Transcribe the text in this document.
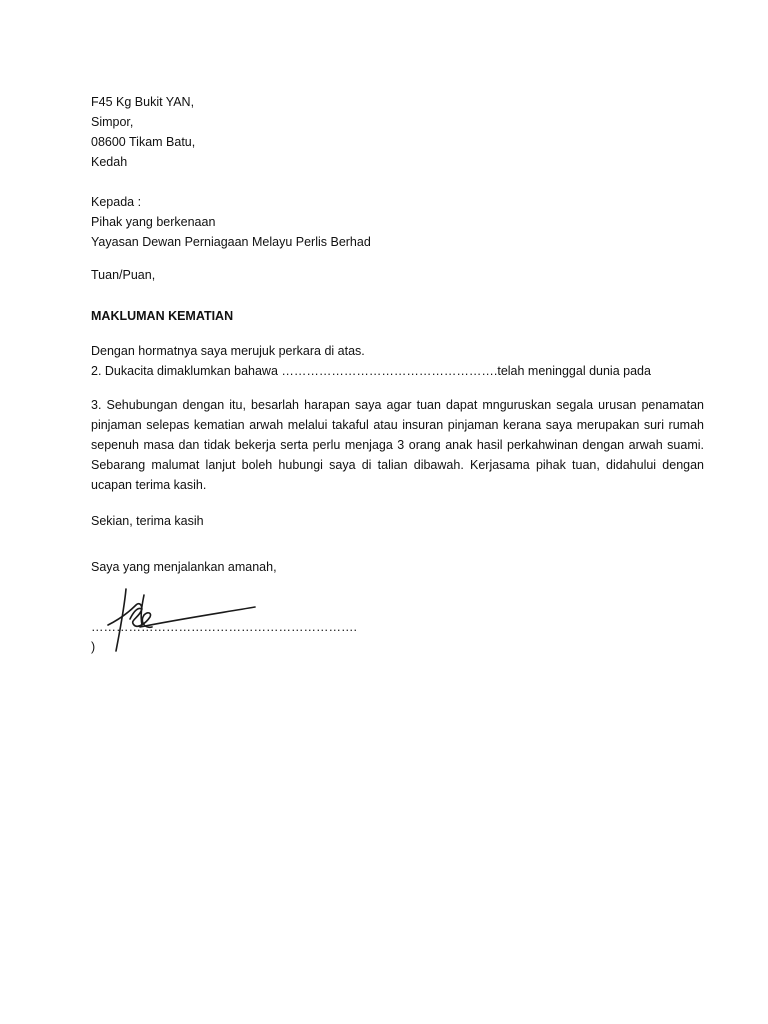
F45 Kg Bukit YAN,
Simpor,
08600 Tikam Batu,
Kedah
Kepada :
Pihak yang berkenaan
Yayasan Dewan Perniagaan Melayu Perlis Berhad
Tuan/Puan,
MAKLUMAN KEMATIAN
Dengan hormatnya saya merujuk perkara di atas.
2. Dukacita dimaklumkan bahawa …………………………………………….telah meninggal dunia pada
3. Sehubungan dengan itu, besarlah harapan saya agar tuan dapat mnguruskan segala urusan penamatan pinjaman selepas kematian arwah melalui takaful atau insuran pinjaman kerana saya merupakan suri rumah sepenuh masa dan tidak bekerja serta perlu menjaga 3 orang anak hasil perkahwinan dengan arwah suami. Sebarang malumat lanjut boleh hubungi saya di talian dibawah. Kerjasama pihak tuan, didahului dengan ucapan terima kasih.
Sekian, terima kasih
Saya yang menjalankan amanah,
……………………………………………………….
)
